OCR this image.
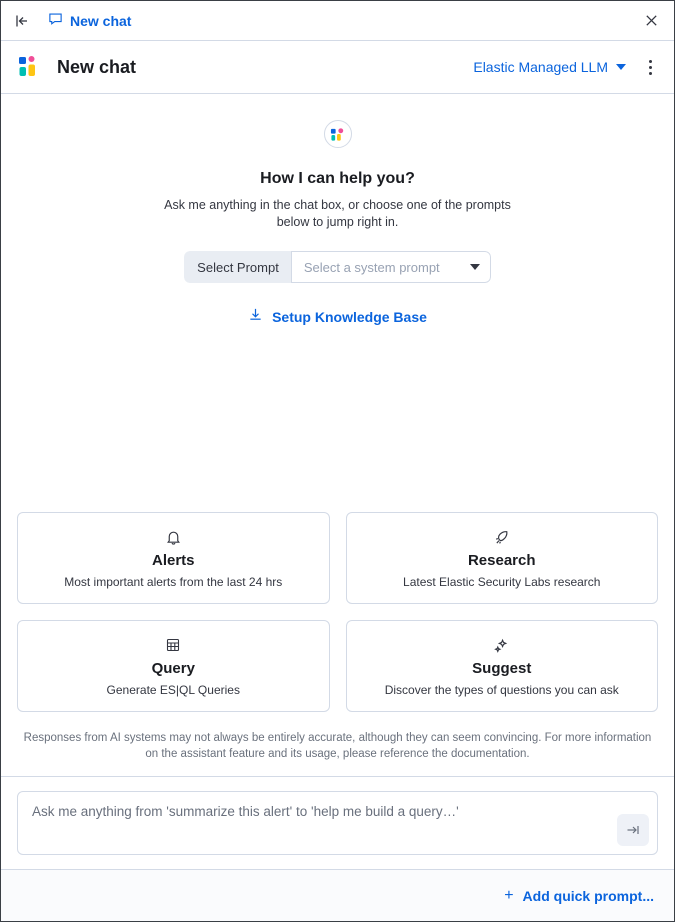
New chat
New chat	Elastic Managed LLM
How I can help you?
Ask me anything in the chat box, or choose one of the prompts below to jump right in.
Select Prompt	Select a system prompt
Setup Knowledge Base
Alerts
Most important alerts from the last 24 hrs
Research
Latest Elastic Security Labs research
Query
Generate ES|QL Queries
Suggest
Discover the types of questions you can ask
Responses from AI systems may not always be entirely accurate, although they can seem convincing. For more information on the assistant feature and its usage, please reference the documentation.
Ask me anything from 'summarize this alert' to 'help me build a query…'
+ Add quick prompt...
